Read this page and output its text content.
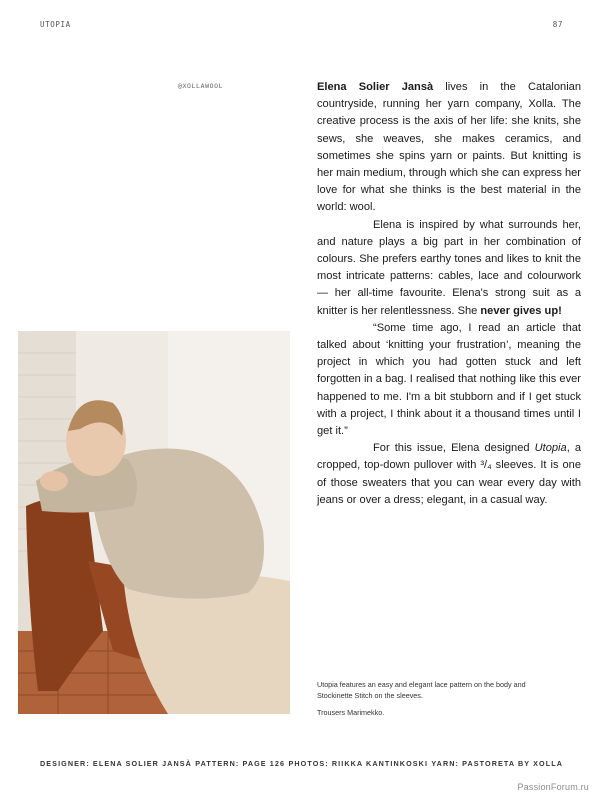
UTOPIA	87
@XOLLAWOOL	Elena Solier Jansà lives in the Catalonian countryside, running her yarn company, Xolla. The creative process is the axis of her life: she knits, she sews, she weaves, she makes ceramics, and sometimes she spins yarn or paints. But knitting is her main medium, through which she can express her love for what she thinks is the best material in the world: wool.

Elena is inspired by what surrounds her, and nature plays a big part in her combination of colours. She prefers earthy tones and likes to knit the most intricate patterns: cables, lace and colourwork — her all-time favourite. Elena's strong suit as a knitter is her relentlessness. She never gives up!

“Some time ago, I read an article that talked about ‘knitting your frustration’, meaning the project in which you had gotten stuck and left forgotten in a bag. I realised that nothing like this ever happened to me. I'm a bit stubborn and if I get stuck with a project, I think about it a thousand times until I get it.”

For this issue, Elena designed Utopia, a cropped, top-down pullover with ³/₄ sleeves. It is one of those sweaters that you can wear every day with jeans or over a dress; elegant, in a casual way.

Utopia features an easy and elegant lace pattern on the body and Stockinette Stitch on the sleeves.

Trousers Marimekko.

DESIGNER: ELENA SOLIER JANSÀ PATTERN: PAGE 126 PHOTOS: RIIKKA KANTINKOSKI YARN: PASTORETA BY XOLLA
PassionForum.ru
